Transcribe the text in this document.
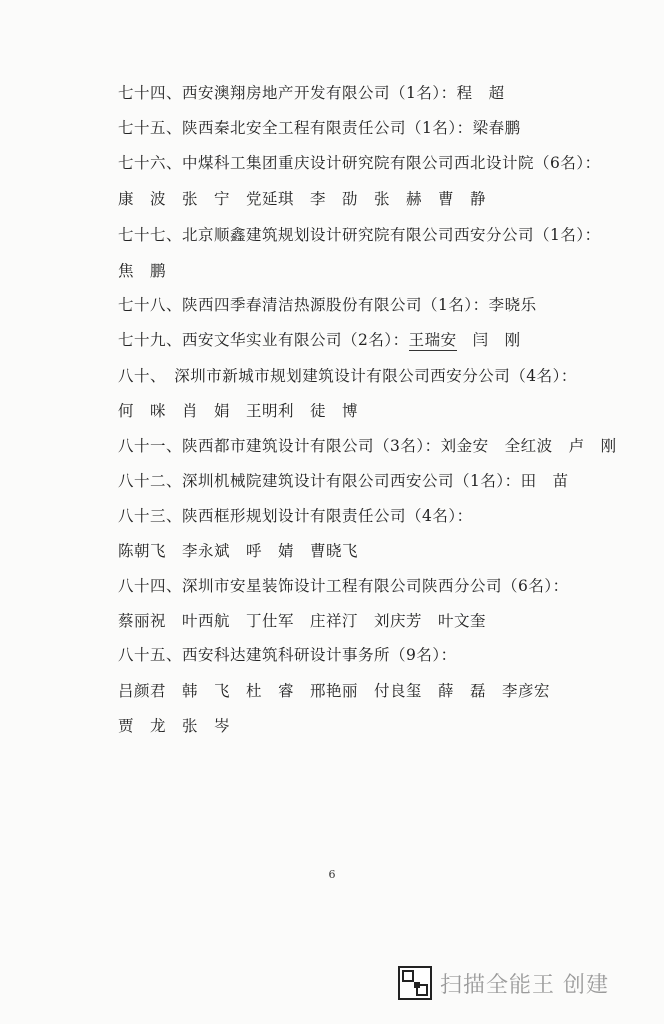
七十四、西安澳翔房地产开发有限公司（1名）：程　超
七十五、陕西秦北安全工程有限责任公司（1名）：梁春鹏
七十六、中煤科工集团重庆设计研究院有限公司西北设计院（6名）：
康　波　张　宁　党延琪　李　劭　张　赫　曹　静
七十七、北京顺鑫建筑规划设计研究院有限公司西安分公司（1名）：
焦　鹏
七十八、陕西四季春清洁热源股份有限公司（1名）：李晓乐
七十九、西安文华实业有限公司（2名）：王瑞安　闫　刚
八十、　深圳市新城市规划建筑设计有限公司西安分公司（4名）：
何　咪　肖　娟　王明利　徒　博
八十一、陕西都市建筑设计有限公司（3名）：刘金安　全红波　卢　刚
八十二、深圳机械院建筑设计有限公司西安公司（1名）：田　苗
八十三、陕西框形规划设计有限责任公司（4名）：
陈朝飞　李永斌　呼　婧　曹晓飞
八十四、深圳市安星装饰设计工程有限公司陕西分公司（6名）：
蔡丽祝　叶西航　丁仕军　庄祥汀　刘庆芳　叶文奎
八十五、西安科达建筑科研设计事务所（9名）：
吕颜君　韩　飞　杜　睿　邢艳丽　付良玺　薛　磊　李彦宏
贾　龙　张　岑
6
扫描全能王 创建
